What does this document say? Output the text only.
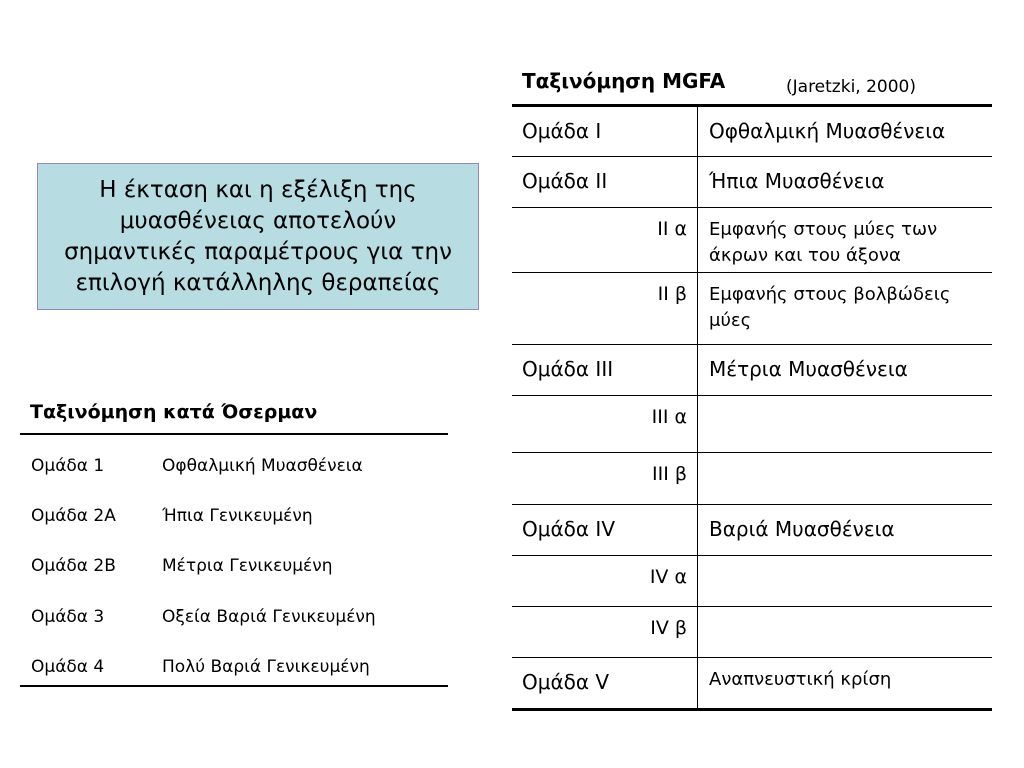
Η έκταση και η εξέλιξη της
μυασθένειας αποτελούν
σημαντικές παραμέτρους για την
επιλογή κατάλληλης θεραπείας
Ταξινόμηση κατά Όσερμαν
Ομάδα 1	Οφθαλμική Μυασθένεια
Ομάδα 2Α	Ήπια Γενικευμένη
Ομάδα 2Β	Μέτρια Γενικευμένη
Ομάδα 3	Οξεία Βαριά Γενικευμένη
Ομάδα 4	Πολύ Βαριά Γενικευμένη
Ταξινόμηση MGFA	(Jaretzki, 2000)
Ομάδα I	Οφθαλμική Μυασθένεια
Ομάδα II	Ήπια Μυασθένεια
II α Εμφανής στους μύες των άκρων και του άξονα
II β Εμφανής στους βολβώδεις μύες
Ομάδα III	Μέτρια Μυασθένεια
III α
III β
Ομάδα IV	Βαριά Μυασθένεια
IV α
IV β
Ομάδα V	Αναπνευστική κρίση
